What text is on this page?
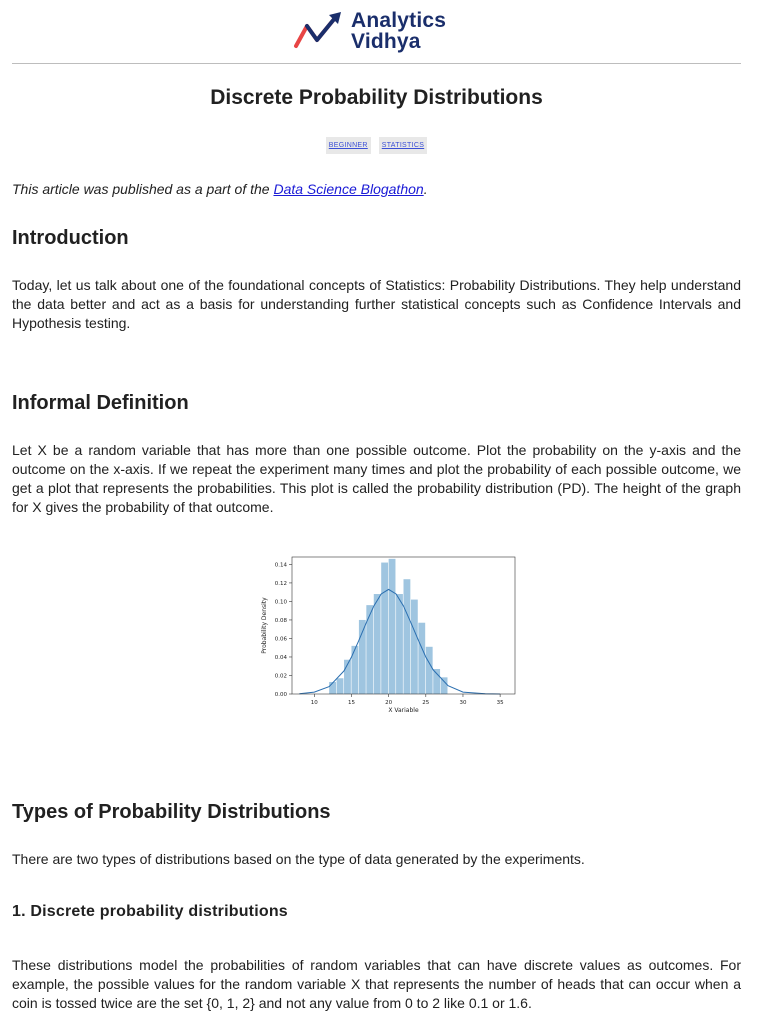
Analytics
Vidhya
Discrete Probability Distributions
BEGINNER STATISTICS

This article was published as a part of the Data Science Blogathon.

Introduction

Today, let us talk about one of the foundational concepts of Statistics: Probability Distributions. They help understand the data better and act as a basis for understanding further statistical concepts such as Confidence Intervals and Hypothesis testing.

Informal Definition

Let X be a random variable that has more than one possible outcome. Plot the probability on the y-axis and the outcome on the x-axis. If we repeat the experiment many times and plot the probability of each possible outcome, we get a plot that represents the probabilities. This plot is called the probability distribution (PD). The height of the graph for X gives the probability of that outcome.

0.00
0.02
0.04
0.06
0.08
0.10
0.12
0.14
10	15	20	25	30	35
X Variable
Probability Density
Types of Probability Distributions

There are two types of distributions based on the type of data generated by the experiments.

1. Discrete probability distributions

These distributions model the probabilities of random variables that can have discrete values as outcomes. For example, the possible values for the random variable X that represents the number of heads that can occur when a coin is tossed twice are the set {0, 1, 2} and not any value from 0 to 2 like 0.1 or 1.6.
